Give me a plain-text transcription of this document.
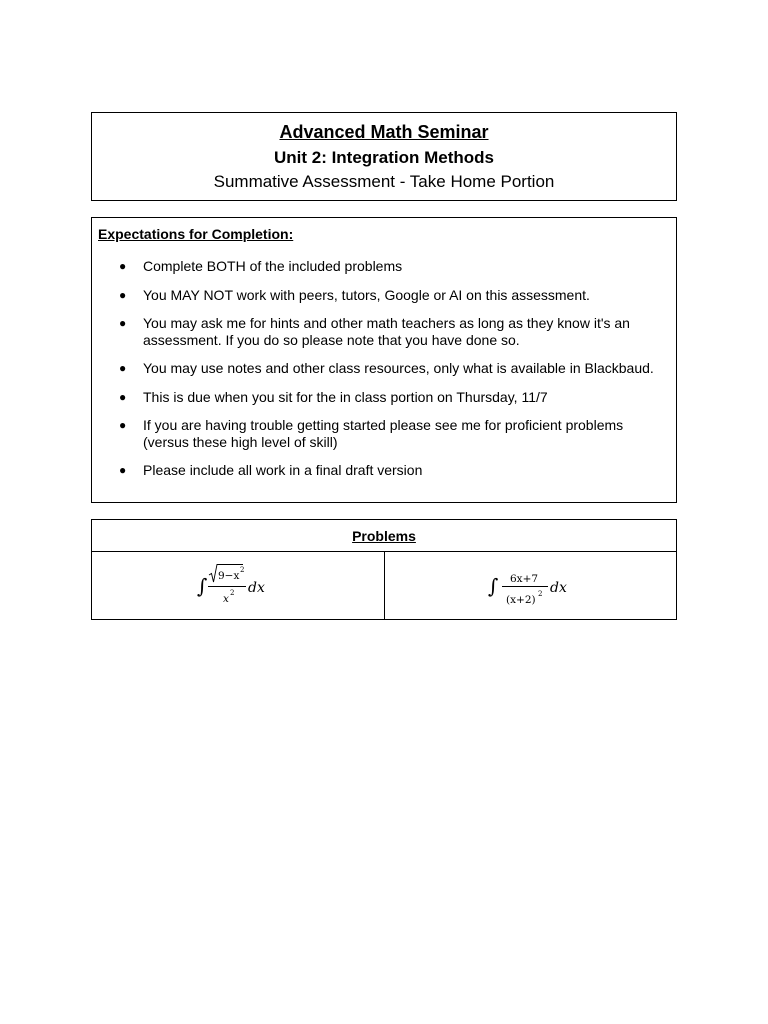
Advanced Math Seminar
Unit 2: Integration Methods
Summative Assessment - Take Home Portion
Expectations for Completion:
● Complete BOTH of the included problems
● You MAY NOT work with peers, tutors, Google or AI on this assessment.
● You may ask me for hints and other math teachers as long as they know it's an assessment. If you do so please note that you have done so.
● You may use notes and other class resources, only what is available in Blackbaud.
● This is due when you sit for the in class portion on Thursday, 11/7
● If you are having trouble getting started please see me for proficient problems (versus these high level of skill)
● Please include all work in a final draft version
Problems
∫ 9−x 2
x 2 dx	∫ 6x+7
(x+2) 2 dx
